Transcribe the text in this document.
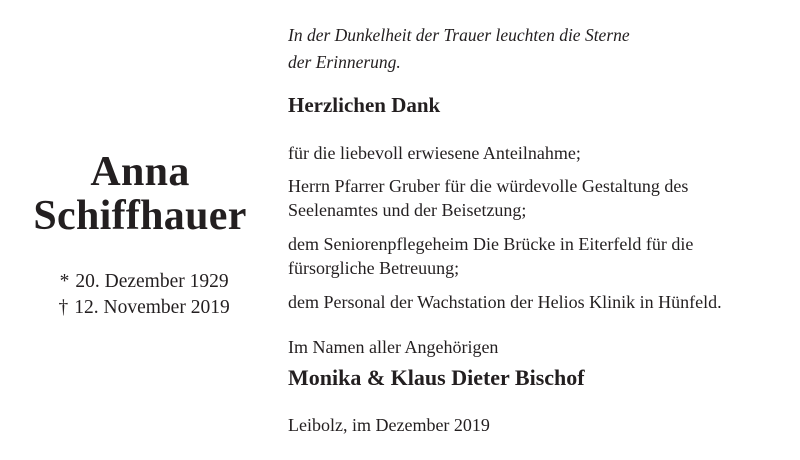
Anna
Schiffhauer
* 20. Dezember 1929
† 12. November 2019
In der Dunkelheit der Trauer leuchten die Sterne
der Erinnerung.
Herzlichen Dank
für die liebevoll erwiesene Anteilnahme;
Herrn Pfarrer Gruber für die würdevolle Gestaltung des
Seelenamtes und der Beisetzung;
dem Seniorenpflegeheim Die Brücke in Eiterfeld für die
fürsorgliche Betreuung;
dem Personal der Wachstation der Helios Klinik in Hünfeld.
Im Namen aller Angehörigen
Monika & Klaus Dieter Bischof
Leibolz, im Dezember 2019
